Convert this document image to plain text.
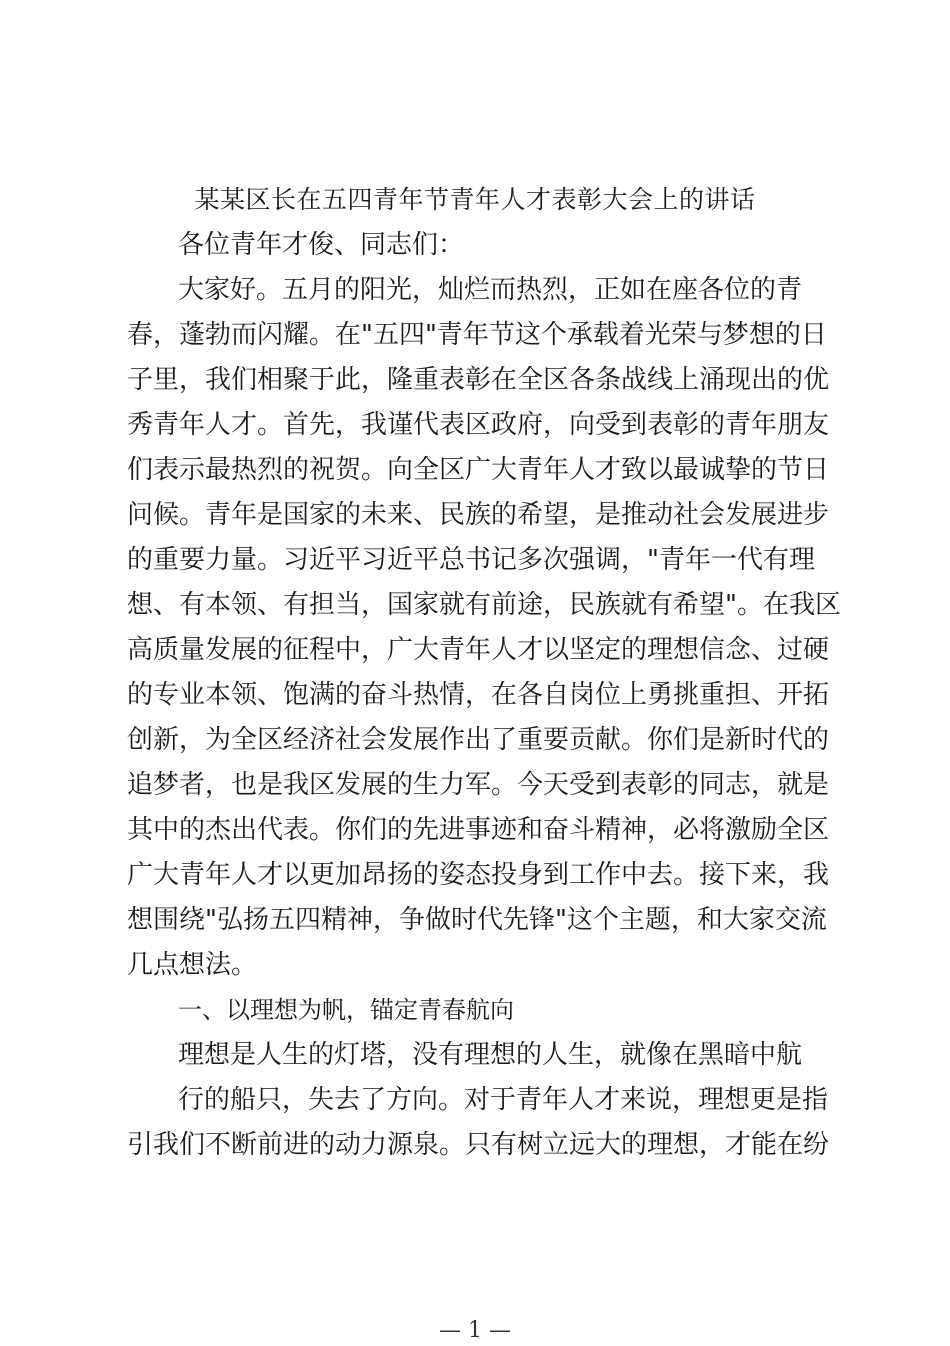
某某区长在五四青年节青年人才表彰大会上的讲话
各位青年才俊、同志们：
大家好。五月的阳光，灿烂而热烈，正如在座各位的青
春，蓬勃而闪耀。在"五四"青年节这个承载着光荣与梦想的日
子里，我们相聚于此，隆重表彰在全区各条战线上涌现出的优
秀青年人才。首先，我谨代表区政府，向受到表彰的青年朋友
们表示最热烈的祝贺。向全区广大青年人才致以最诚挚的节日
问候。青年是国家的未来、民族的希望，是推动社会发展进步
的重要力量。习近平习近平总书记多次强调，"青年一代有理
想、有本领、有担当，国家就有前途，民族就有希望"。在我区
高质量发展的征程中，广大青年人才以坚定的理想信念、过硬
的专业本领、饱满的奋斗热情，在各自岗位上勇挑重担、开拓
创新，为全区经济社会发展作出了重要贡献。你们是新时代的
追梦者，也是我区发展的生力军。今天受到表彰的同志，就是
其中的杰出代表。你们的先进事迹和奋斗精神，必将激励全区
广大青年人才以更加昂扬的姿态投身到工作中去。接下来，我
想围绕"弘扬五四精神，争做时代先锋"这个主题，和大家交流
几点想法。
一、以理想为帆，锚定青春航向
理想是人生的灯塔，没有理想的人生，就像在黑暗中航
行的船只，失去了方向。对于青年人才来说，理想更是指
引我们不断前进的动力源泉。只有树立远大的理想，才能在纷
— 1 —
